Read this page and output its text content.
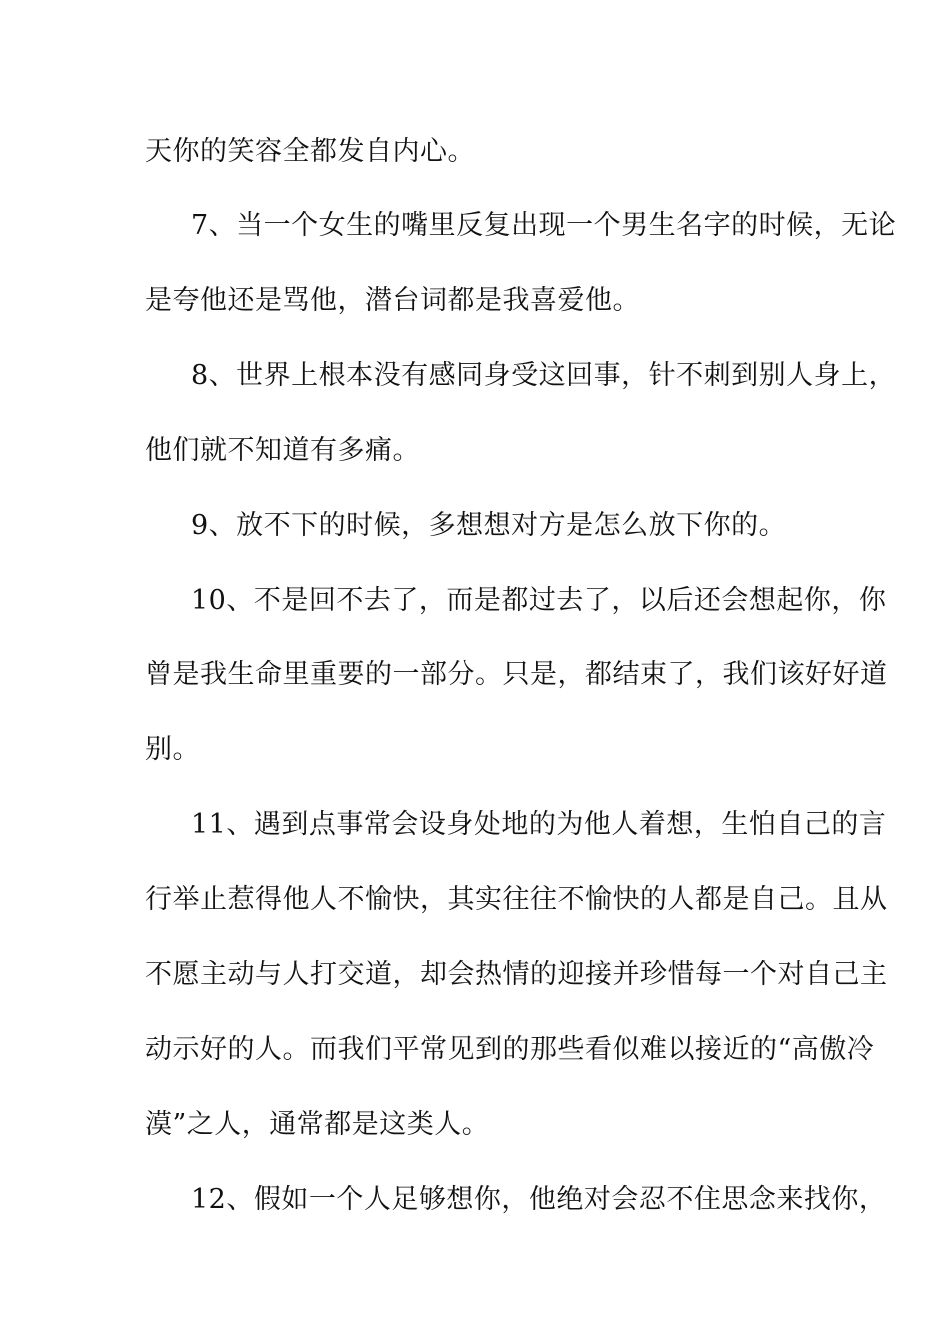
天你的笑容全都发自内心。
7、当一个女生的嘴里反复出现一个男生名字的时候，无论
是夸他还是骂他，潜台词都是我喜爱他。
8、世界上根本没有感同身受这回事，针不刺到别人身上，
他们就不知道有多痛。
9、放不下的时候，多想想对方是怎么放下你的。
10、不是回不去了，而是都过去了，以后还会想起你，你
曾是我生命里重要的一部分。只是，都结束了，我们该好好道
别。
11、遇到点事常会设身处地的为他人着想，生怕自己的言
行举止惹得他人不愉快，其实往往不愉快的人都是自己。且从
不愿主动与人打交道，却会热情的迎接并珍惜每一个对自己主
动示好的人。而我们平常见到的那些看似难以接近的“高傲冷
漠”之人，通常都是这类人。
12、假如一个人足够想你，他绝对会忍不住思念来找你，
